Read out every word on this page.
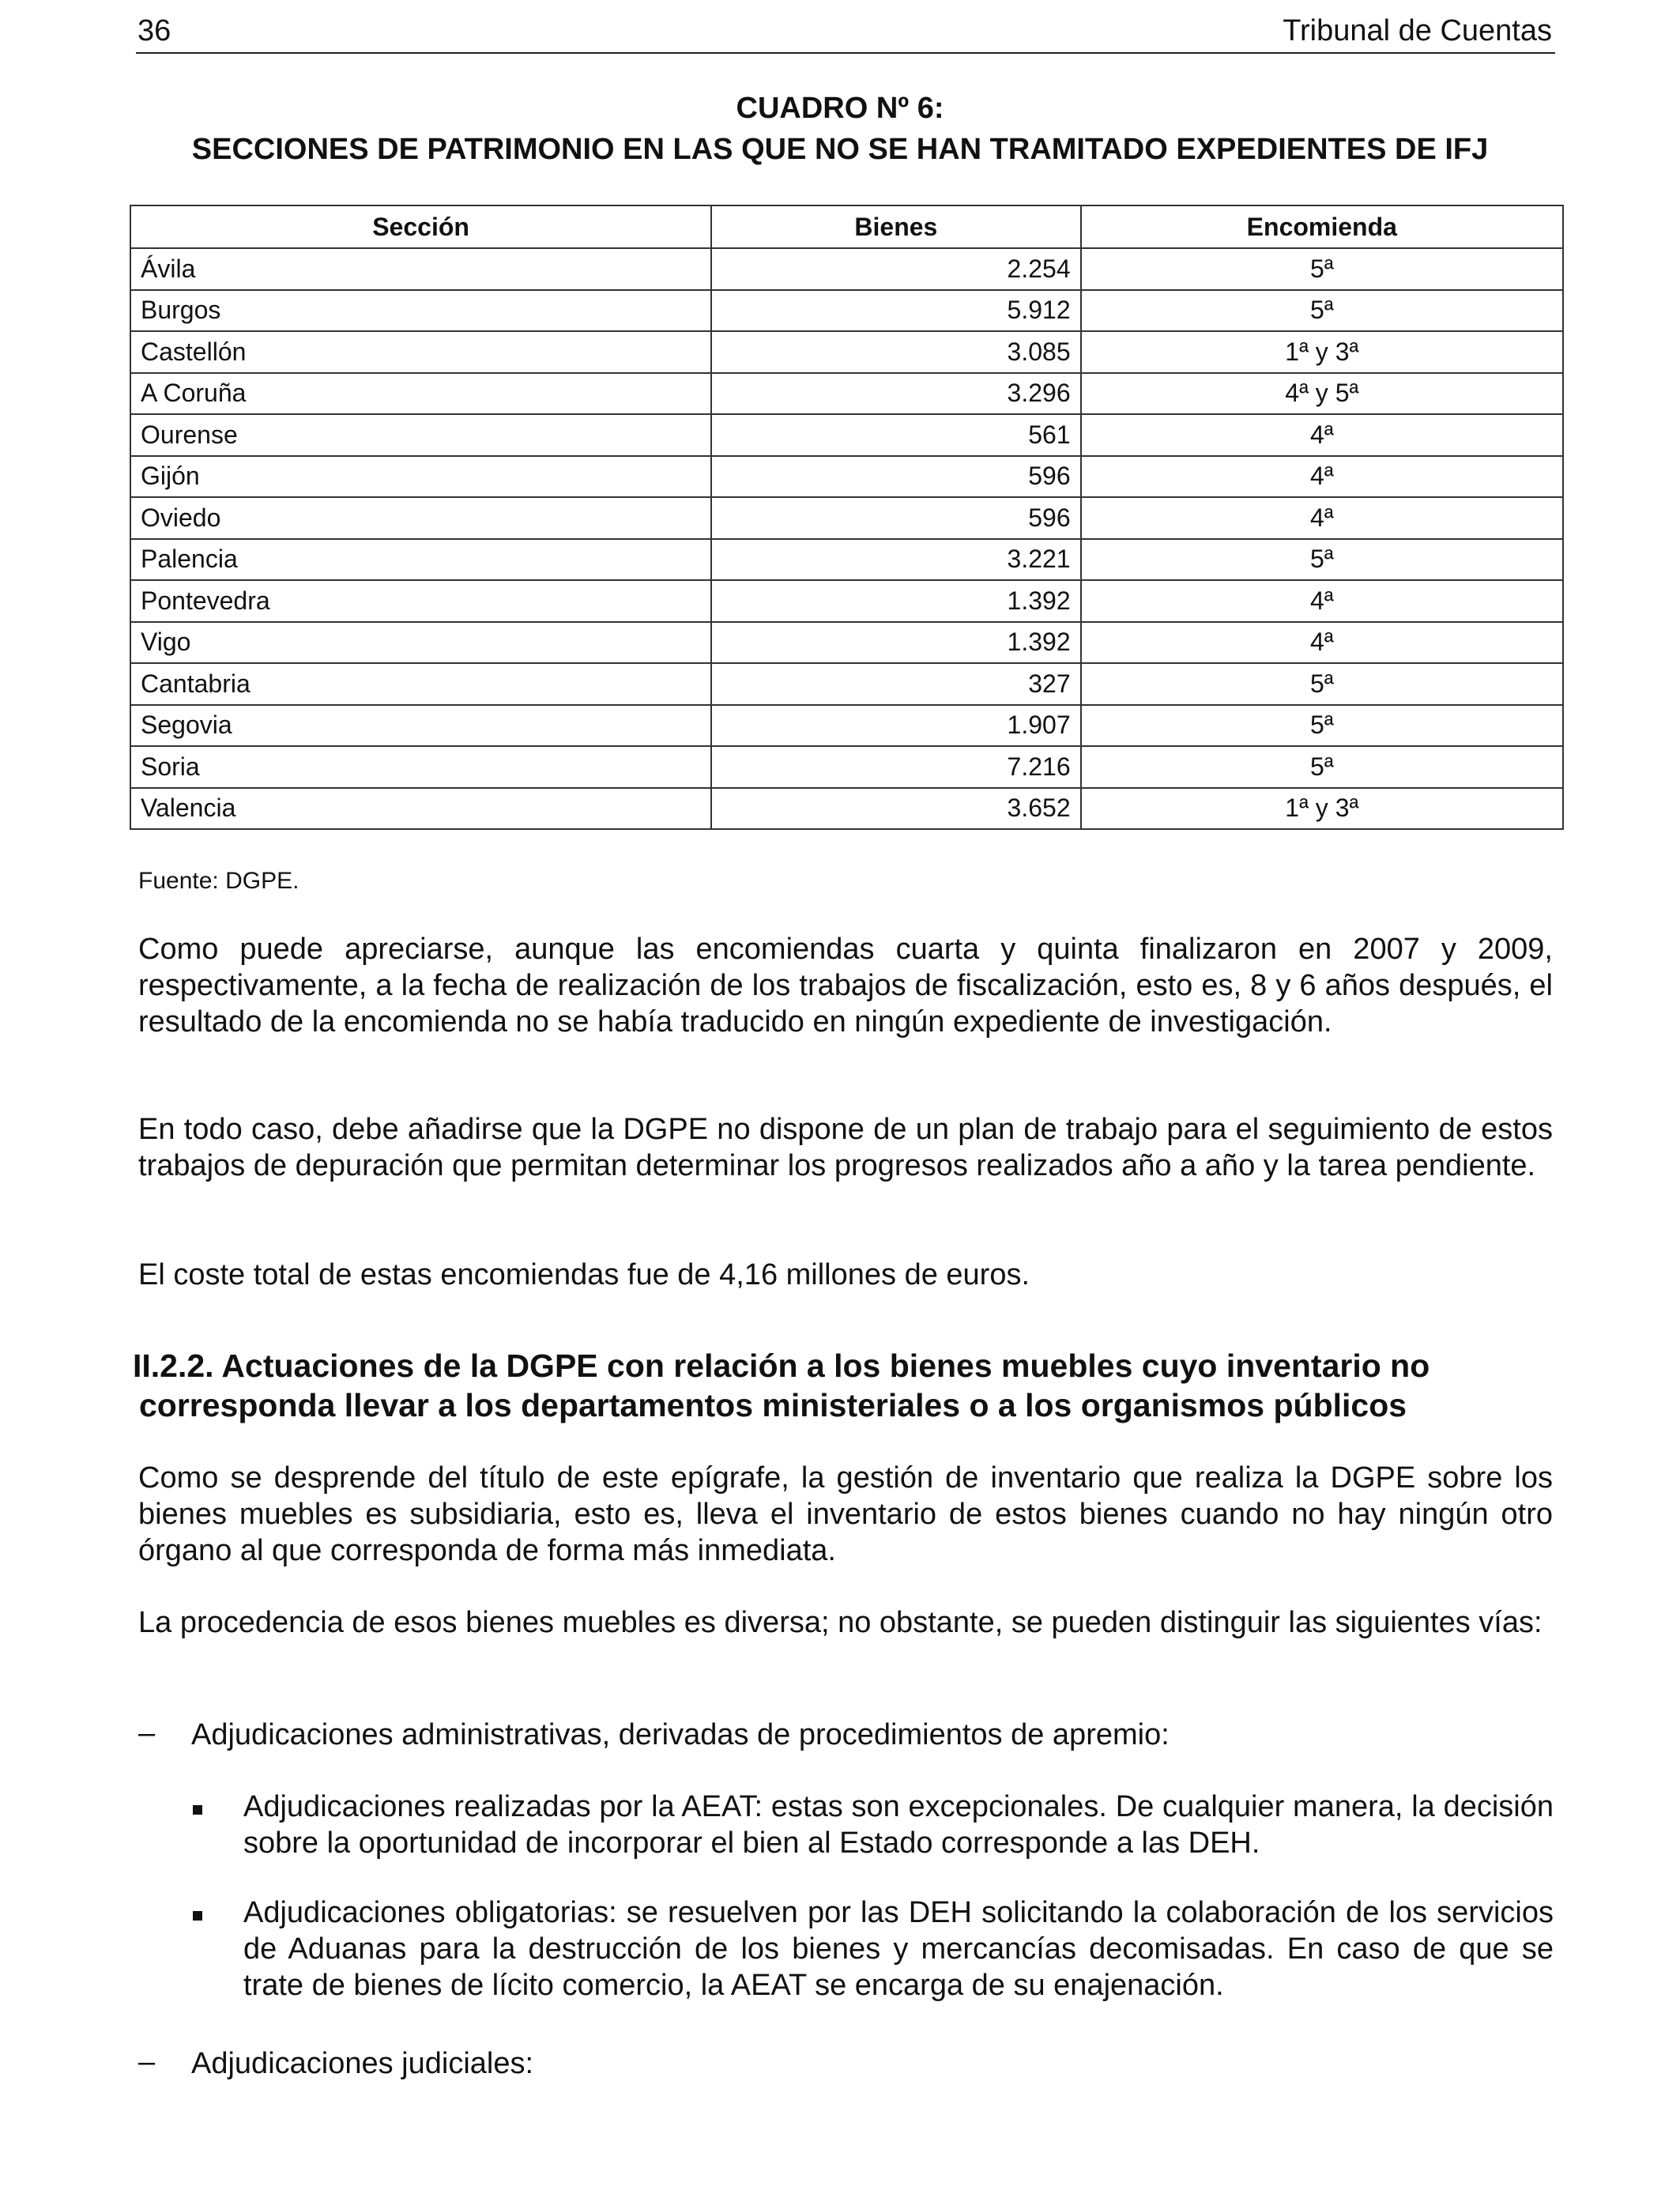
36	Tribunal de Cuentas
CUADRO Nº 6:
SECCIONES DE PATRIMONIO EN LAS QUE NO SE HAN TRAMITADO EXPEDIENTES DE IFJ
Sección	Bienes	Encomienda
Ávila	2.254	5ª
Burgos	5.912	5ª
Castellón	3.085	1ª y 3ª
A Coruña	3.296	4ª y 5ª
Ourense	561	4ª
Gijón	596	4ª
Oviedo	596	4ª
Palencia	3.221	5ª
Pontevedra	1.392	4ª
Vigo	1.392	4ª
Cantabria	327	5ª
Segovia	1.907	5ª
Soria	7.216	5ª
Valencia	3.652	1ª y 3ª
Fuente: DGPE.
Como puede apreciarse, aunque las encomiendas cuarta y quinta finalizaron en 2007 y 2009, respectivamente, a la fecha de realización de los trabajos de fiscalización, esto es, 8 y 6 años después, el resultado de la encomienda no se había traducido en ningún expediente de investigación.
En todo caso, debe añadirse que la DGPE no dispone de un plan de trabajo para el seguimiento de estos trabajos de depuración que permitan determinar los progresos realizados año a año y la tarea pendiente.
El coste total de estas encomiendas fue de 4,16 millones de euros.
II.2.2. Actuaciones de la DGPE con relación a los bienes muebles cuyo inventario no
corresponda llevar a los departamentos ministeriales o a los organismos públicos
Como se desprende del título de este epígrafe, la gestión de inventario que realiza la DGPE sobre los bienes muebles es subsidiaria, esto es, lleva el inventario de estos bienes cuando no hay ningún otro órgano al que corresponda de forma más inmediata.
La procedencia de esos bienes muebles es diversa; no obstante, se pueden distinguir las siguientes vías:
– Adjudicaciones administrativas, derivadas de procedimientos de apremio:
Adjudicaciones realizadas por la AEAT: estas son excepcionales. De cualquier manera, la decisión sobre la oportunidad de incorporar el bien al Estado corresponde a las DEH.
Adjudicaciones obligatorias: se resuelven por las DEH solicitando la colaboración de los servicios de Aduanas para la destrucción de los bienes y mercancías decomisadas. En caso de que se trate de bienes de lícito comercio, la AEAT se encarga de su enajenación.
– Adjudicaciones judiciales:
